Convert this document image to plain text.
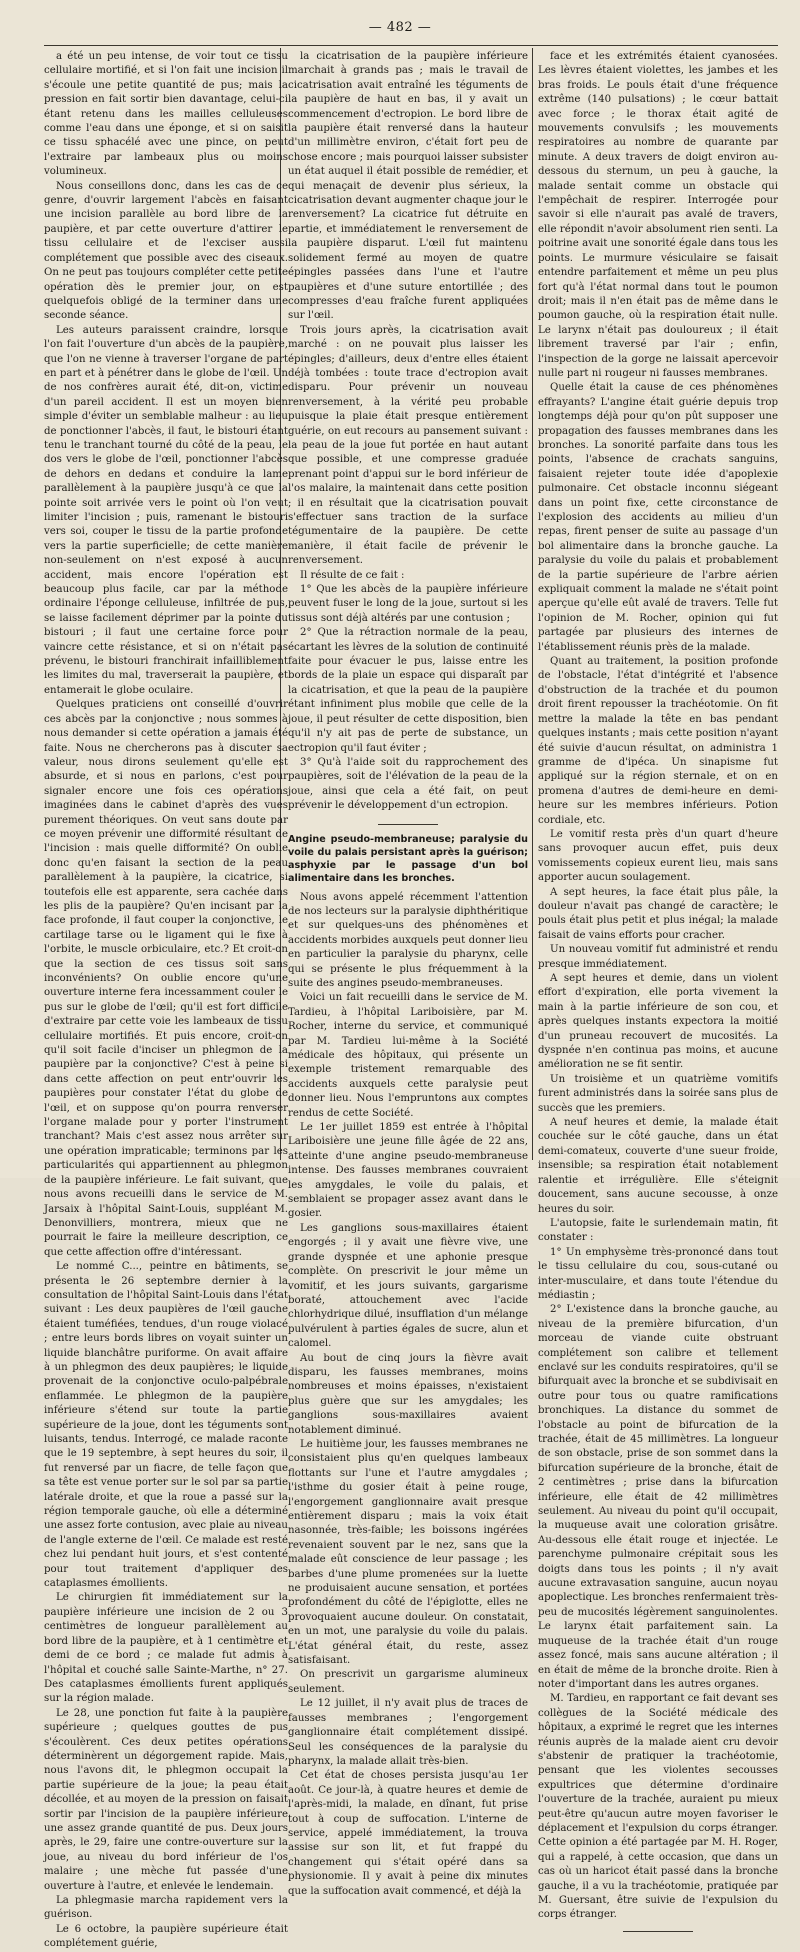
— 482 —

a été un peu intense, de voir tout ce tissu cellulaire mortifié, et si l'on fait une incision il s'écoule une petite quantité de pus; mais la pression en fait sortir bien davantage, celui-ci étant retenu dans les mailles celluleuses comme l'eau dans une éponge, et si on saisit ce tissu sphacélé avec une pince, on peut l'extraire par lambeaux plus ou moins volumineux.

Nous conseillons donc, dans les cas de ce genre, d'ouvrir largement l'abcès en faisant une incision parallèle au bord libre de la paupière, et par cette ouverture d'attirer le tissu cellulaire et de l'exciser aussi complétement que possible avec des ciseaux. On ne peut pas toujours compléter cette petite opération dès le premier jour, on est quelquefois obligé de la terminer dans une seconde séance.

Les auteurs paraissent craindre, lorsque l'on fait l'ouverture d'un abcès de la paupière, que l'on ne vienne à traverser l'organe de part en part et à pénétrer dans le globe de l'œil. Un de nos confrères aurait été, dit-on, victime d'un pareil accident. Il est un moyen bien simple d'éviter un semblable malheur : au lieu de ponctionner l'abcès, il faut, le bistouri étant tenu le tranchant tourné du côté de la peau, le dos vers le globe de l'œil, ponctionner l'abcès de dehors en dedans et conduire la lame parallèlement à la paupière jusqu'à ce que la pointe soit arrivée vers le point où l'on veut limiter l'incision ; puis, ramenant le bistouri vers soi, couper le tissu de la partie profonde vers la partie superficielle; de cette manière non-seulement on n'est exposé à aucun accident, mais encore l'opération est beaucoup plus facile, car par la méthode ordinaire l'éponge celluleuse, infiltrée de pus, se laisse facilement déprimer par la pointe du bistouri ; il faut une certaine force pour vaincre cette résistance, et si on n'était pas prévenu, le bistouri franchirait infailliblement les limites du mal, traverserait la paupière, et entamerait le globe oculaire.

Quelques praticiens ont conseillé d'ouvrir ces abcès par la conjonctive ; nous sommes à nous demander si cette opération a jamais été faite. Nous ne chercherons pas à discuter sa valeur, nous dirons seulement qu'elle est absurde, et si nous en parlons, c'est pour signaler encore une fois ces opérations imaginées dans le cabinet d'après des vues purement théoriques. On veut sans doute par ce moyen prévenir une difformité résultant de l'incision : mais quelle difformité? On oublie donc qu'en faisant la section de la peau parallèlement à la paupière, la cicatrice, si toutefois elle est apparente, sera cachée dans les plis de la paupière? Qu'en incisant par la face profonde, il faut couper la conjonctive, le cartilage tarse ou le ligament qui le fixe à l'orbite, le muscle orbiculaire, etc.? Et croit-on que la section de ces tissus soit sans inconvénients? On oublie encore qu'une ouverture interne fera incessamment couler le pus sur le globe de l'œil; qu'il est fort difficile d'extraire par cette voie les lambeaux de tissu cellulaire mortifiés. Et puis encore, croit-on qu'il soit facile d'inciser un phlegmon de la paupière par la conjonctive? C'est à peine si dans cette affection on peut entr'ouvrir les paupières pour constater l'état du globe de l'œil, et on suppose qu'on pourra renverser l'organe malade pour y porter l'instrument tranchant? Mais c'est assez nous arrêter sur une opération impraticable; terminons par les particularités qui appartiennent au phlegmon de la paupière inférieure. Le fait suivant, que nous avons recueilli dans le service de M. Jarsaix à l'hôpital Saint-Louis, suppléant M. Denonvilliers, montrera, mieux que ne pourrait le faire la meilleure description, ce que cette affection offre d'intéressant.

Le nommé C..., peintre en bâtiments, se présenta le 26 septembre dernier à la consultation de l'hôpital Saint-Louis dans l'état suivant : Les deux paupières de l'œil gauche étaient tuméfiées, tendues, d'un rouge violacé ; entre leurs bords libres on voyait suinter un liquide blanchâtre puriforme. On avait affaire à un phlegmon des deux paupières; le liquide provenait de la conjonctive oculo-palpébrale enflammée. Le phlegmon de la paupière inférieure s'étend sur toute la partie supérieure de la joue, dont les téguments sont luisants, tendus. Interrogé, ce malade raconte que le 19 septembre, à sept heures du soir, il fut renversé par un fiacre, de telle façon que sa tête est venue porter sur le sol par sa partie latérale droite, et que la roue a passé sur la région temporale gauche, où elle a déterminé une assez forte contusion, avec plaie au niveau de l'angle externe de l'œil. Ce malade est resté chez lui pendant huit jours, et s'est contenté pour tout traitement d'appliquer des cataplasmes émollients.

Le chirurgien fit immédiatement sur la paupière inférieure une incision de 2 ou 3 centimètres de longueur parallèlement au bord libre de la paupière, et à 1 centimètre et demi de ce bord ; ce malade fut admis à l'hôpital et couché salle Sainte-Marthe, n° 27. Des cataplasmes émollients furent appliqués sur la région malade.

Le 28, une ponction fut faite à la paupière supérieure ; quelques gouttes de pus s'écoulèrent. Ces deux petites opérations déterminèrent un dégorgement rapide. Mais, nous l'avons dit, le phlegmon occupait la partie supérieure de la joue; la peau était décollée, et au moyen de la pression on faisait sortir par l'incision de la paupière inférieure une assez grande quantité de pus. Deux jours après, le 29, faire une contre-ouverture sur la joue, au niveau du bord inférieur de l'os malaire ; une mèche fut passée d'une ouverture à l'autre, et enlevée le lendemain.

La phlegmasie marcha rapidement vers la guérison.

Le 6 octobre, la paupière supérieure était complétement guérie,

la cicatrisation de la paupière inférieure marchait à grands pas ; mais le travail de cicatrisation avait entraîné les téguments de la paupière de haut en bas, il y avait un commencement d'ectropion. Le bord libre de la paupière était renversé dans la hauteur d'un millimètre environ, c'était fort peu de chose encore ; mais pourquoi laisser subsister un état auquel il était possible de remédier, et qui menaçait de devenir plus sérieux, la cicatrisation devant augmenter chaque jour le renversement? La cicatrice fut détruite en partie, et immédiatement le renversement de la paupière disparut. L'œil fut maintenu solidement fermé au moyen de quatre épingles passées dans l'une et l'autre paupières et d'une suture entortillée ; des compresses d'eau fraîche furent appliquées sur l'œil.

Trois jours après, la cicatrisation avait marché : on ne pouvait plus laisser les épingles; d'ailleurs, deux d'entre elles étaient déjà tombées : toute trace d'ectropion avait disparu. Pour prévenir un nouveau renversement, à la vérité peu probable puisque la plaie était presque entièrement guérie, on eut recours au pansement suivant : la peau de la joue fut portée en haut autant que possible, et une compresse graduée prenant point d'appui sur le bord inférieur de l'os malaire, la maintenait dans cette position ; il en résultait que la cicatrisation pouvait s'effectuer sans traction de la surface tégumentaire de la paupière. De cette manière, il était facile de prévenir le renversement.

Il résulte de ce fait :

1° Que les abcès de la paupière inférieure peuvent fuser le long de la joue, surtout si les tissus sont déjà altérés par une contusion ;

2° Que la rétraction normale de la peau, écartant les lèvres de la solution de continuité faite pour évacuer le pus, laisse entre les bords de la plaie un espace qui disparaît par la cicatrisation, et que la peau de la paupière étant infiniment plus mobile que celle de la joue, il peut résulter de cette disposition, bien qu'il n'y ait pas de perte de substance, un ectropion qu'il faut éviter ;

3° Qu'à l'aide soit du rapprochement des paupières, soit de l'élévation de la peau de la joue, ainsi que cela a été fait, on peut prévenir le développement d'un ectropion.

Angine pseudo-membraneuse; paralysie du voile du palais persistant après la guérison; asphyxie par le passage d'un bol alimentaire dans les bronches.

Nous avons appelé récemment l'attention de nos lecteurs sur la paralysie diphthéritique et sur quelques-uns des phénomènes et accidents morbides auxquels peut donner lieu en particulier la paralysie du pharynx, celle qui se présente le plus fréquemment à la suite des angines pseudo-membraneuses.

Voici un fait recueilli dans le service de M. Tardieu, à l'hôpital Lariboisière, par M. Rocher, interne du service, et communiqué par M. Tardieu lui-même à la Société médicale des hôpitaux, qui présente un exemple tristement remarquable des accidents auxquels cette paralysie peut donner lieu. Nous l'empruntons aux comptes rendus de cette Société.

Le 1er juillet 1859 est entrée à l'hôpital Lariboisière une jeune fille âgée de 22 ans, atteinte d'une angine pseudo-membraneuse intense. Des fausses membranes couvraient les amygdales, le voile du palais, et semblaient se propager assez avant dans le gosier.

Les ganglions sous-maxillaires étaient engorgés ; il y avait une fièvre vive, une grande dyspnée et une aphonie presque complète. On prescrivit le jour même un vomitif, et les jours suivants, gargarisme boraté, attouchement avec l'acide chlorhydrique dilué, insufflation d'un mélange pulvérulent à parties égales de sucre, alun et calomel.

Au bout de cinq jours la fièvre avait disparu, les fausses membranes, moins nombreuses et moins épaisses, n'existaient plus guère que sur les amygdales; les ganglions sous-maxillaires avaient notablement diminué.

Le huitième jour, les fausses membranes ne consistaient plus qu'en quelques lambeaux flottants sur l'une et l'autre amygdales ; l'isthme du gosier était à peine rouge, l'engorgement ganglionnaire avait presque entièrement disparu ; mais la voix était nasonnée, très-faible; les boissons ingérées revenaient souvent par le nez, sans que la malade eût conscience de leur passage ; les barbes d'une plume promenées sur la luette ne produisaient aucune sensation, et portées profondément du côté de l'épiglotte, elles ne provoquaient aucune douleur. On constatait, en un mot, une paralysie du voile du palais. L'état général était, du reste, assez satisfaisant.

On prescrivit un gargarisme alumineux seulement.

Le 12 juillet, il n'y avait plus de traces de fausses membranes ; l'engorgement ganglionnaire était complétement dissipé. Seul les conséquences de la paralysie du pharynx, la malade allait très-bien.

Cet état de choses persista jusqu'au 1er août. Ce jour-là, à quatre heures et demie de l'après-midi, la malade, en dînant, fut prise tout à coup de suffocation. L'interne de service, appelé immédiatement, la trouva assise sur son lit, et fut frappé du changement qui s'était opéré dans sa physionomie. Il y avait à peine dix minutes que la suffocation avait commencé, et déjà la

face et les extrémités étaient cyanosées. Les lèvres étaient violettes, les jambes et les bras froids. Le pouls était d'une fréquence extrême (140 pulsations) ; le cœur battait avec force ; le thorax était agité de mouvements convulsifs ; les mouvements respiratoires au nombre de quarante par minute. A deux travers de doigt environ au-dessous du sternum, un peu à gauche, la malade sentait comme un obstacle qui l'empêchait de respirer. Interrogée pour savoir si elle n'aurait pas avalé de travers, elle répondit n'avoir absolument rien senti. La poitrine avait une sonorité égale dans tous les points. Le murmure vésiculaire se faisait entendre parfaitement et même un peu plus fort qu'à l'état normal dans tout le poumon droit; mais il n'en était pas de même dans le poumon gauche, où la respiration était nulle. Le larynx n'était pas douloureux ; il était librement traversé par l'air ; enfin, l'inspection de la gorge ne laissait apercevoir nulle part ni rougeur ni fausses membranes.

Quelle était la cause de ces phénomènes effrayants? L'angine était guérie depuis trop longtemps déjà pour qu'on pût supposer une propagation des fausses membranes dans les bronches. La sonorité parfaite dans tous les points, l'absence de crachats sanguins, faisaient rejeter toute idée d'apoplexie pulmonaire. Cet obstacle inconnu siégeant dans un point fixe, cette circonstance de l'explosion des accidents au milieu d'un repas, firent penser de suite au passage d'un bol alimentaire dans la bronche gauche. La paralysie du voile du palais et probablement de la partie supérieure de l'arbre aérien expliquait comment la malade ne s'était point aperçue qu'elle eût avalé de travers. Telle fut l'opinion de M. Rocher, opinion qui fut partagée par plusieurs des internes de l'établissement réunis près de la malade.

Quant au traitement, la position profonde de l'obstacle, l'état d'intégrité et l'absence d'obstruction de la trachée et du poumon droit firent repousser la trachéotomie. On fit mettre la malade la tête en bas pendant quelques instants ; mais cette position n'ayant été suivie d'aucun résultat, on administra 1 gramme de d'ipéca. Un sinapisme fut appliqué sur la région sternale, et on en promena d'autres de demi-heure en demi-heure sur les membres inférieurs. Potion cordiale, etc.

Le vomitif resta près d'un quart d'heure sans provoquer aucun effet, puis deux vomissements copieux eurent lieu, mais sans apporter aucun soulagement.

A sept heures, la face était plus pâle, la douleur n'avait pas changé de caractère; le pouls était plus petit et plus inégal; la malade faisait de vains efforts pour cracher.

Un nouveau vomitif fut administré et rendu presque immédiatement.

A sept heures et demie, dans un violent effort d'expiration, elle porta vivement la main à la partie inférieure de son cou, et après quelques instants expectora la moitié d'un pruneau recouvert de mucosités. La dyspnée n'en continua pas moins, et aucune amélioration ne se fit sentir.

Un troisième et un quatrième vomitifs furent administrés dans la soirée sans plus de succès que les premiers.

A neuf heures et demie, la malade était couchée sur le côté gauche, dans un état demi-comateux, couverte d'une sueur froide, insensible; sa respiration était notablement ralentie et irrégulière. Elle s'éteignit doucement, sans aucune secousse, à onze heures du soir.

L'autopsie, faite le surlendemain matin, fit constater :

1° Un emphysème très-prononcé dans tout le tissu cellulaire du cou, sous-cutané ou inter-musculaire, et dans toute l'étendue du médiastin ;

2° L'existence dans la bronche gauche, au niveau de la première bifurcation, d'un morceau de viande cuite obstruant complétement son calibre et tellement enclavé sur les conduits respiratoires, qu'il se bifurquait avec la bronche et se subdivisait en outre pour tous ou quatre ramifications bronchiques. La distance du sommet de l'obstacle au point de bifurcation de la trachée, était de 45 millimètres. La longueur de son obstacle, prise de son sommet dans la bifurcation supérieure de la bronche, était de 2 centimètres ; prise dans la bifurcation inférieure, elle était de 42 millimètres seulement. Au niveau du point qu'il occupait, la muqueuse avait une coloration grisâtre. Au-dessous elle était rouge et injectée. Le parenchyme pulmonaire crépitait sous les doigts dans tous les points ; il n'y avait aucune extravasation sanguine, aucun noyau apoplectique. Les bronches renfermaient très-peu de mucosités légèrement sanguinolentes. Le larynx était parfaitement sain. La muqueuse de la trachée était d'un rouge assez foncé, mais sans aucune altération ; il en était de même de la bronche droite. Rien à noter d'important dans les autres organes.

M. Tardieu, en rapportant ce fait devant ses collègues de la Société médicale des hôpitaux, a exprimé le regret que les internes réunis auprès de la malade aient cru devoir s'abstenir de pratiquer la trachéotomie, pensant que les violentes secousses expultrices que détermine d'ordinaire l'ouverture de la trachée, auraient pu mieux peut-être qu'aucun autre moyen favoriser le déplacement et l'expulsion du corps étranger. Cette opinion a été partagée par M. H. Roger, qui a rappelé, à cette occasion, que dans un cas où un haricot était passé dans la bronche gauche, il a vu la trachéotomie, pratiquée par M. Guersant, être suivie de l'expulsion du corps étranger.
